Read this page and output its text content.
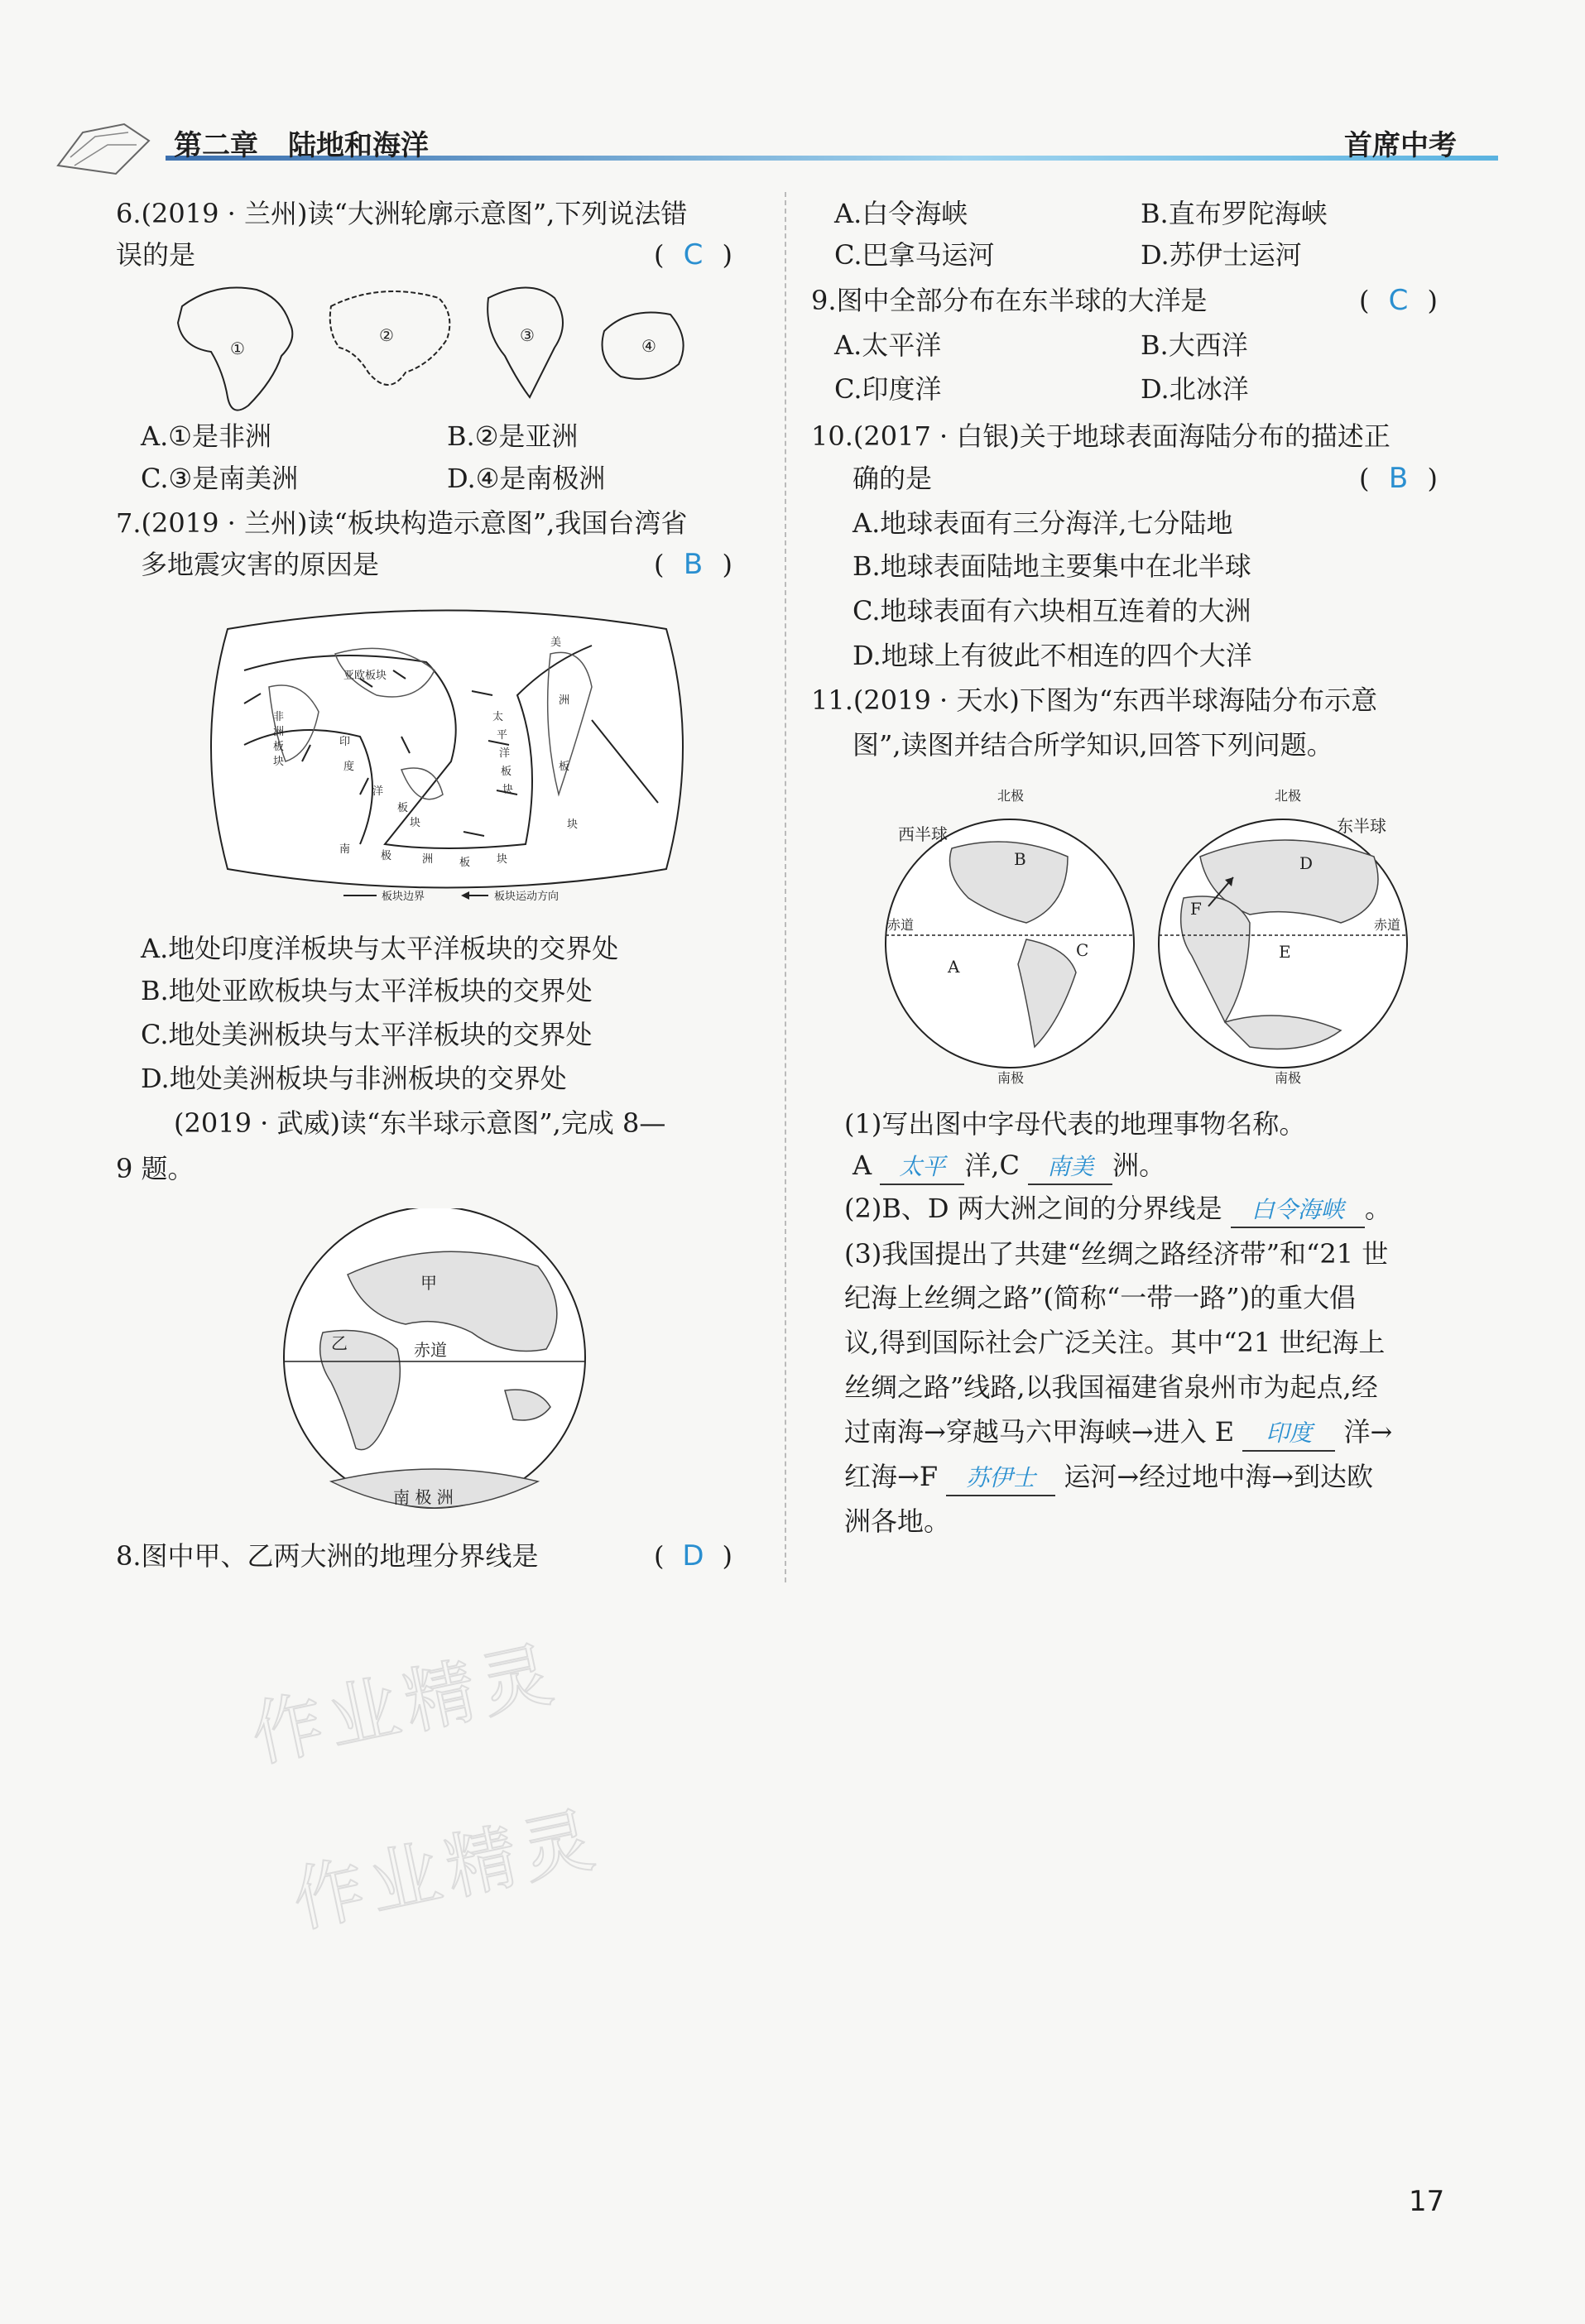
第二章 陆地和海洋	首席中考
6.(2019 · 兰州)读“大洲轮廓示意图”,下列说法错
误的是	( C )
①
②	③
④
A.①是非洲	B.②是亚洲
C.③是南美洲	D.④是南极洲
7.(2019 · 兰州)读“板块构造示意图”,我国台湾省
多地震灾害的原因是	( B )
亚欧板块
非
洲
板
块
印
度
洋
板
块
美
洲
板
块
太
平
洋
板
块
南
极	洲 板 块
板块边界	板块运动方向
A.地处印度洋板块与太平洋板块的交界处
B.地处亚欧板块与太平洋板块的交界处
C.地处美洲板块与太平洋板块的交界处
D.地处美洲板块与非洲板块的交界处
(2019 · 武威)读“东半球示意图”,完成 8—
9 题。
甲
乙	赤道
南 极 洲
8.图中甲、乙两大洲的地理分界线是	( D )
A.白令海峡	B.直布罗陀海峡
C.巴拿马运河	D.苏伊士运河
9.图中全部分布在东半球的大洋是	( C )
A.太平洋	B.大西洋
C.印度洋	D.北冰洋
10.(2017 · 白银)关于地球表面海陆分布的描述正
确的是	( B )
A.地球表面有三分海洋,七分陆地
B.地球表面陆地主要集中在北半球
C.地球表面有六块相互连着的大洲
D.地球上有彼此不相连的四个大洋
11.(2019 · 天水)下图为“东西半球海陆分布示意
图”,读图并结合所学知识,回答下列问题。
西半球
北极
南极
赤道
A
B
C
东半球
北极
南极
赤道
D
E
F
(1)写出图中字母代表的地理事物名称。
A 太平 洋,C 南美 洲。
(2)B、D 两大洲之间的分界线是 白令海峡 。
(3)我国提出了共建“丝绸之路经济带”和“21 世
纪海上丝绸之路”(简称“一带一路”)的重大倡
议,得到国际社会广泛关注。其中“21 世纪海上
丝绸之路”线路,以我国福建省泉州市为起点,经
过南海→穿越马六甲海峡→进入 E 印度 洋→
红海→F 苏伊士 运河→经过地中海→到达欧
洲各地。
作业精灵
作业精灵
17
